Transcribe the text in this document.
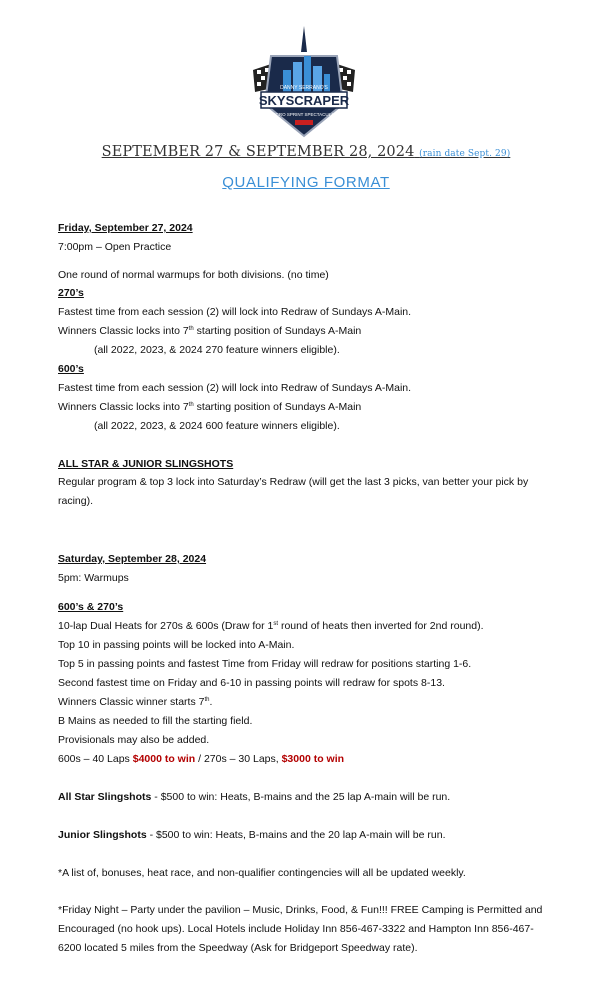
SKYSCRAPER
DANNY SERRANO'S
MICRO SPRINT SPECTACULAR
SEPTEMBER 27 & SEPTEMBER 28, 2024 (rain date Sept. 29)
QUALIFYING FORMAT
Friday, September 27, 2024
7:00pm – Open Practice
One round of normal warmups for both divisions. (no time)
270’s
Fastest time from each session (2) will lock into Redraw of Sundays A-Main.
Winners Classic locks into 7th starting position of Sundays A-Main
(all 2022, 2023, & 2024 270 feature winners eligible).
600’s
Fastest time from each session (2) will lock into Redraw of Sundays A-Main.
Winners Classic locks into 7th starting position of Sundays A-Main
(all 2022, 2023, & 2024 600 feature winners eligible).
ALL STAR & JUNIOR SLINGSHOTS
Regular program & top 3 lock into Saturday’s Redraw (will get the last 3 picks, van better your pick by racing).
Saturday, September 28, 2024
5pm: Warmups
600’s & 270’s
10-lap Dual Heats for 270s & 600s (Draw for 1st round of heats then inverted for 2nd round).
Top 10 in passing points will be locked into A-Main.
Top 5 in passing points and fastest Time from Friday will redraw for positions starting 1-6.
Second fastest time on Friday and 6-10 in passing points will redraw for spots 8-13.
Winners Classic winner starts 7th.
B Mains as needed to fill the starting field.
Provisionals may also be added.
600s – 40 Laps $4000 to win / 270s – 30 Laps, $3000 to win
All Star Slingshots - $500 to win: Heats, B-mains and the 25 lap A-main will be run.
Junior Slingshots - $500 to win: Heats, B-mains and the 20 lap A-main will be run.
*A list of, bonuses, heat race, and non-qualifier contingencies will all be updated weekly.
*Friday Night – Party under the pavilion – Music, Drinks, Food, & Fun!!! FREE Camping is Permitted and Encouraged (no hook ups). Local Hotels include Holiday Inn 856-467-3322 and Hampton Inn 856-467-6200 located 5 miles from the Speedway (Ask for Bridgeport Speedway rate).
